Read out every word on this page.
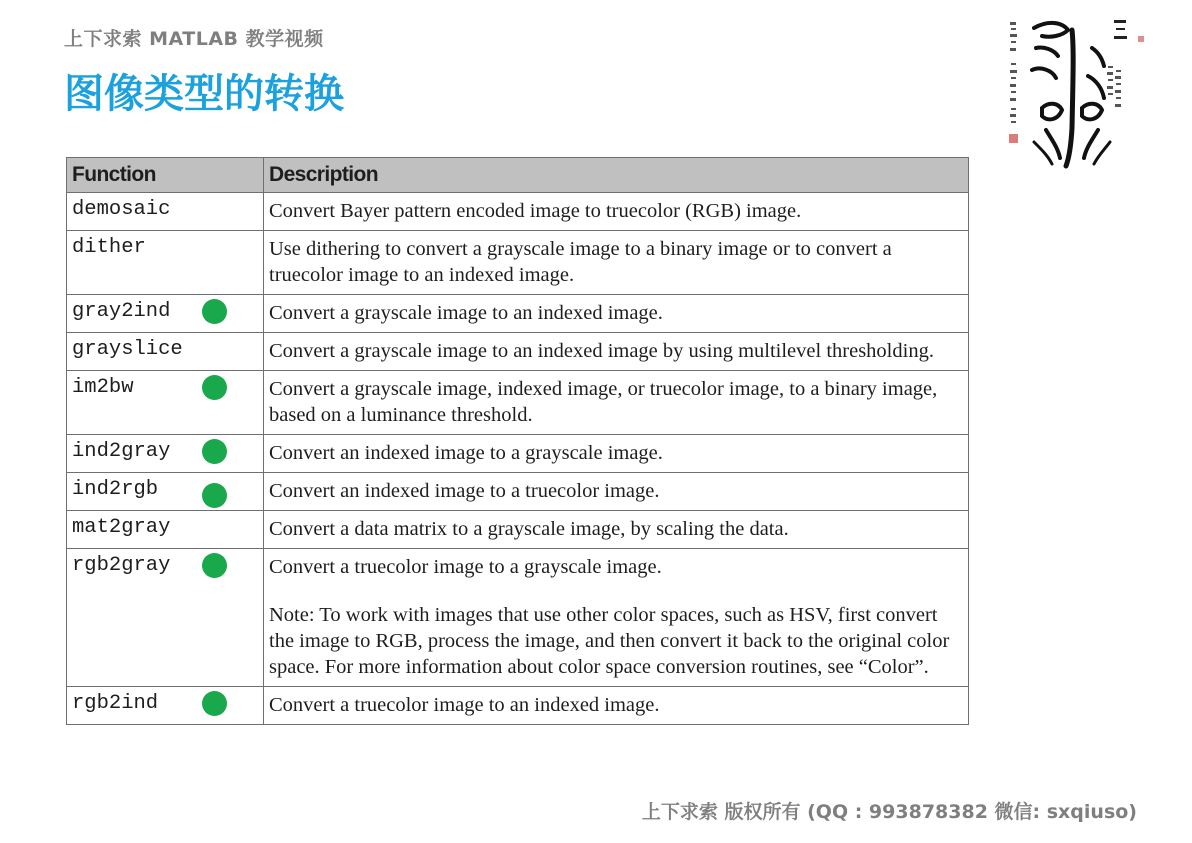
上下求索 MATLAB 教学视频
图像类型的转换
Function	Description
demosaic	Convert Bayer pattern encoded image to truecolor (RGB) image.
dither	Use dithering to convert a grayscale image to a binary image or to convert a truecolor image to an indexed image.
gray2ind	Convert a grayscale image to an indexed image.
grayslice	Convert a grayscale image to an indexed image by using multilevel thresholding.
im2bw	Convert a grayscale image, indexed image, or truecolor image, to a binary image, based on a luminance threshold.
ind2gray	Convert an indexed image to a grayscale image.
ind2rgb	Convert an indexed image to a truecolor image.
mat2gray	Convert a data matrix to a grayscale image, by scaling the data.
rgb2gray	Convert a truecolor image to a grayscale image.
Note: To work with images that use other color spaces, such as HSV, first convert the image to RGB, process the image, and then convert it back to the original color space. For more information about color space conversion routines, see “Color”.

rgb2ind	Convert a truecolor image to an indexed image.
上下求索 版权所有 (QQ : 993878382 微信: sxqiuso)
